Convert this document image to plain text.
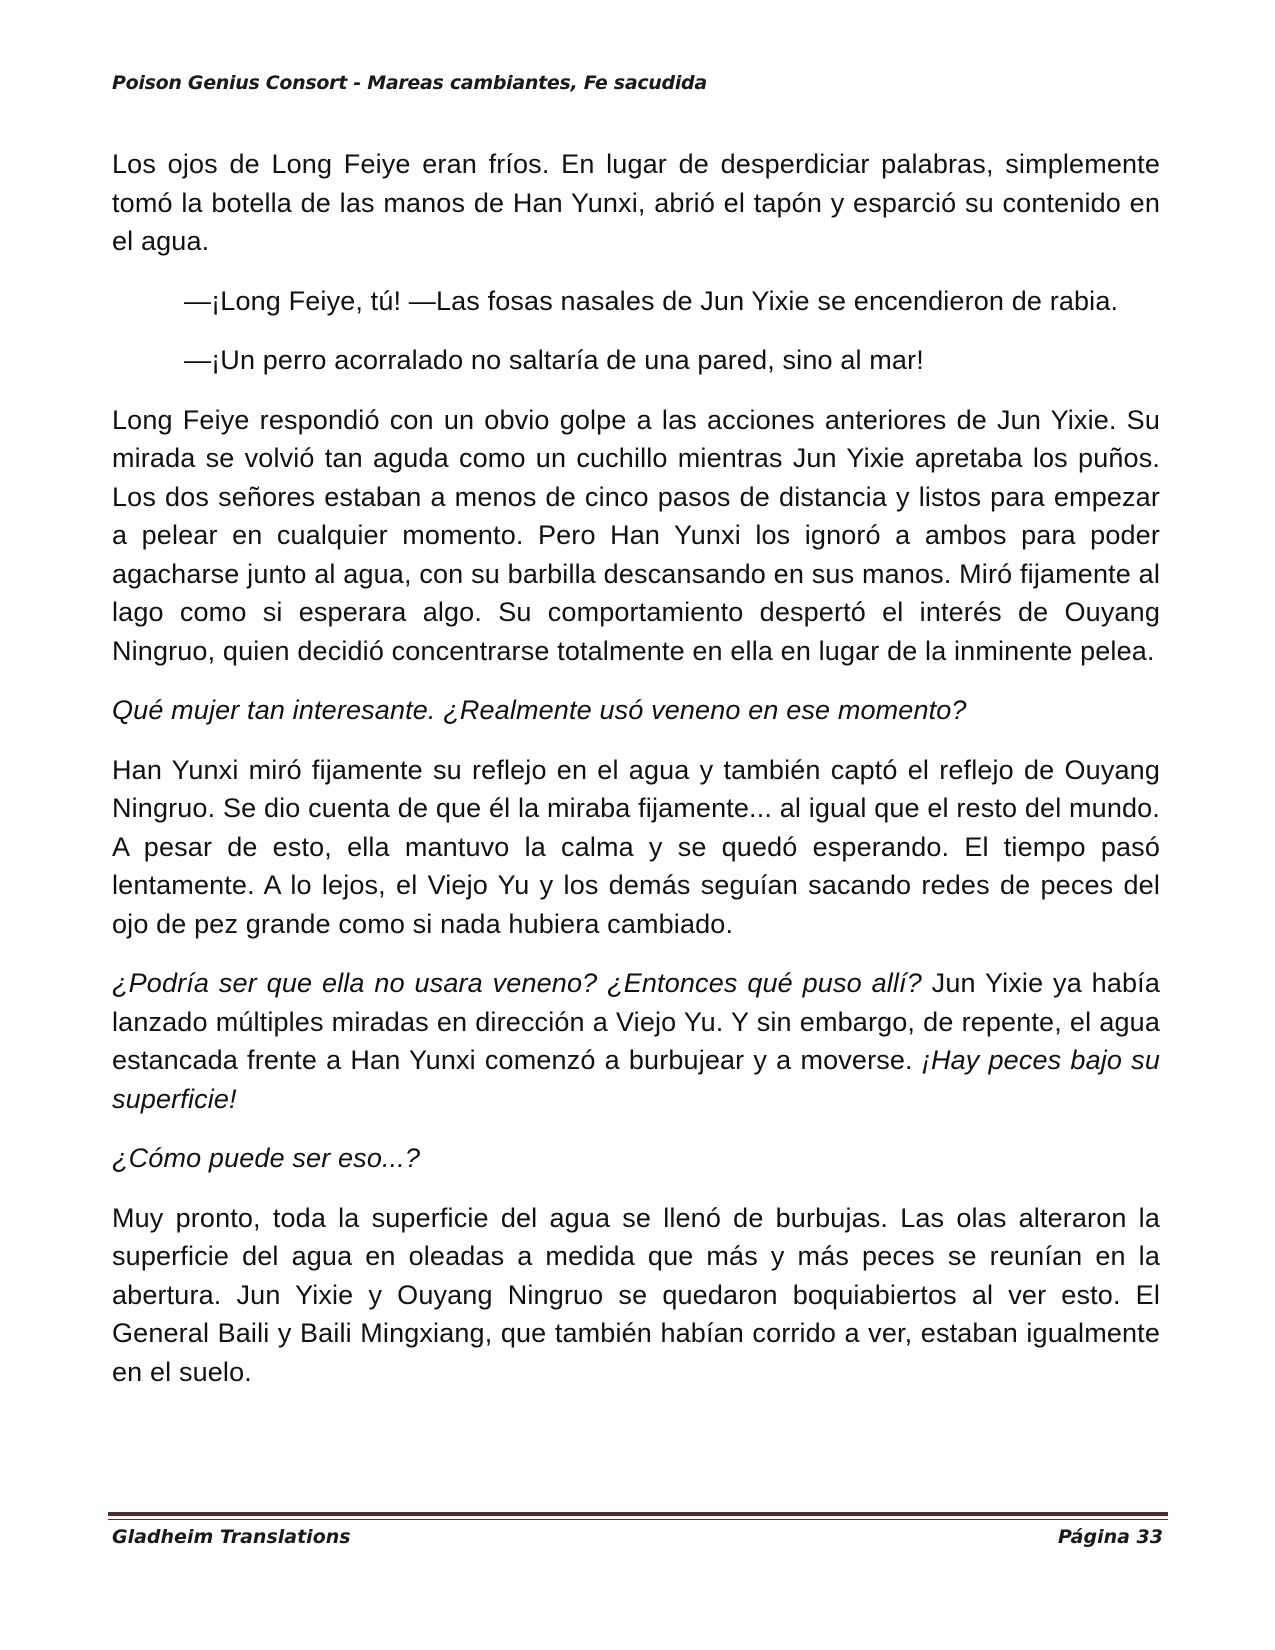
Poison Genius Consort - Mareas cambiantes, Fe sacudida

Los ojos de Long Feiye eran fríos. En lugar de desperdiciar palabras, simplemente tomó la botella de las manos de Han Yunxi, abrió el tapón y esparció su contenido en el agua.

—¡Long Feiye, tú! —Las fosas nasales de Jun Yixie se encendieron de rabia.

—¡Un perro acorralado no saltaría de una pared, sino al mar!

Long Feiye respondió con un obvio golpe a las acciones anteriores de Jun Yixie. Su mirada se volvió tan aguda como un cuchillo mientras Jun Yixie apretaba los puños. Los dos señores estaban a menos de cinco pasos de distancia y listos para empezar a pelear en cualquier momento. Pero Han Yunxi los ignoró a ambos para poder agacharse junto al agua, con su barbilla descansando en sus manos. Miró fijamente al lago como si esperara algo. Su comportamiento despertó el interés de Ouyang Ningruo, quien decidió concentrarse totalmente en ella en lugar de la inminente pelea.

Qué mujer tan interesante. ¿Realmente usó veneno en ese momento?

Han Yunxi miró fijamente su reflejo en el agua y también captó el reflejo de Ouyang Ningruo. Se dio cuenta de que él la miraba fijamente... al igual que el resto del mundo. A pesar de esto, ella mantuvo la calma y se quedó esperando. El tiempo pasó lentamente. A lo lejos, el Viejo Yu y los demás seguían sacando redes de peces del ojo de pez grande como si nada hubiera cambiado.

¿Podría ser que ella no usara veneno? ¿Entonces qué puso allí? Jun Yixie ya había lanzado múltiples miradas en dirección a Viejo Yu. Y sin embargo, de repente, el agua estancada frente a Han Yunxi comenzó a burbujear y a moverse. ¡Hay peces bajo su superficie!

¿Cómo puede ser eso...?

Muy pronto, toda la superficie del agua se llenó de burbujas. Las olas alteraron la superficie del agua en oleadas a medida que más y más peces se reunían en la abertura. Jun Yixie y Ouyang Ningruo se quedaron boquiabiertos al ver esto. El General Baili y Baili Mingxiang, que también habían corrido a ver, estaban igualmente en el suelo.

Gladheim Translations	Página 33
